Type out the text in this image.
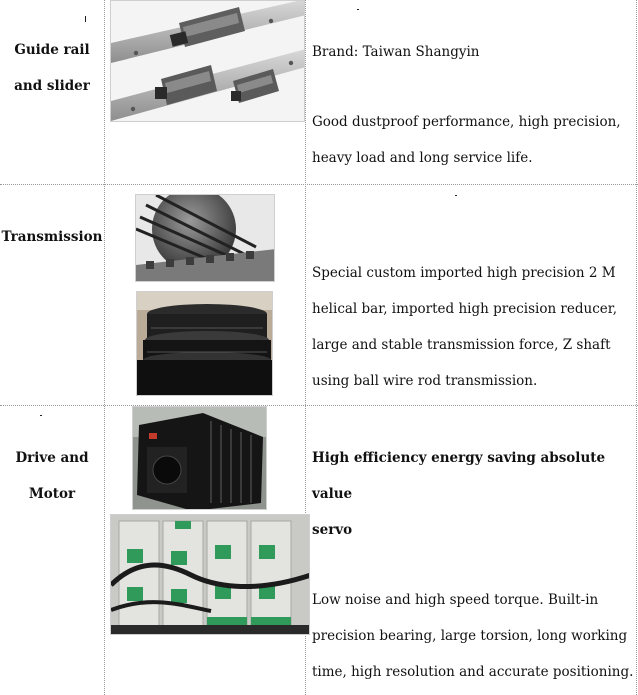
Guide rail
and slider
Brand: Taiwan Shangyin
Good dustproof performance, high precision,
heavy load and long service life.
Transmission
Special custom imported high precision 2 M
helical bar, imported high precision reducer,
large and stable transmission force, Z shaft
using ball wire rod transmission.
Drive and
Motor
High efficiency energy saving absolute value
servo
Low noise and high speed torque. Built-in
precision bearing, large torsion, long working
time, high resolution and accurate positioning.
